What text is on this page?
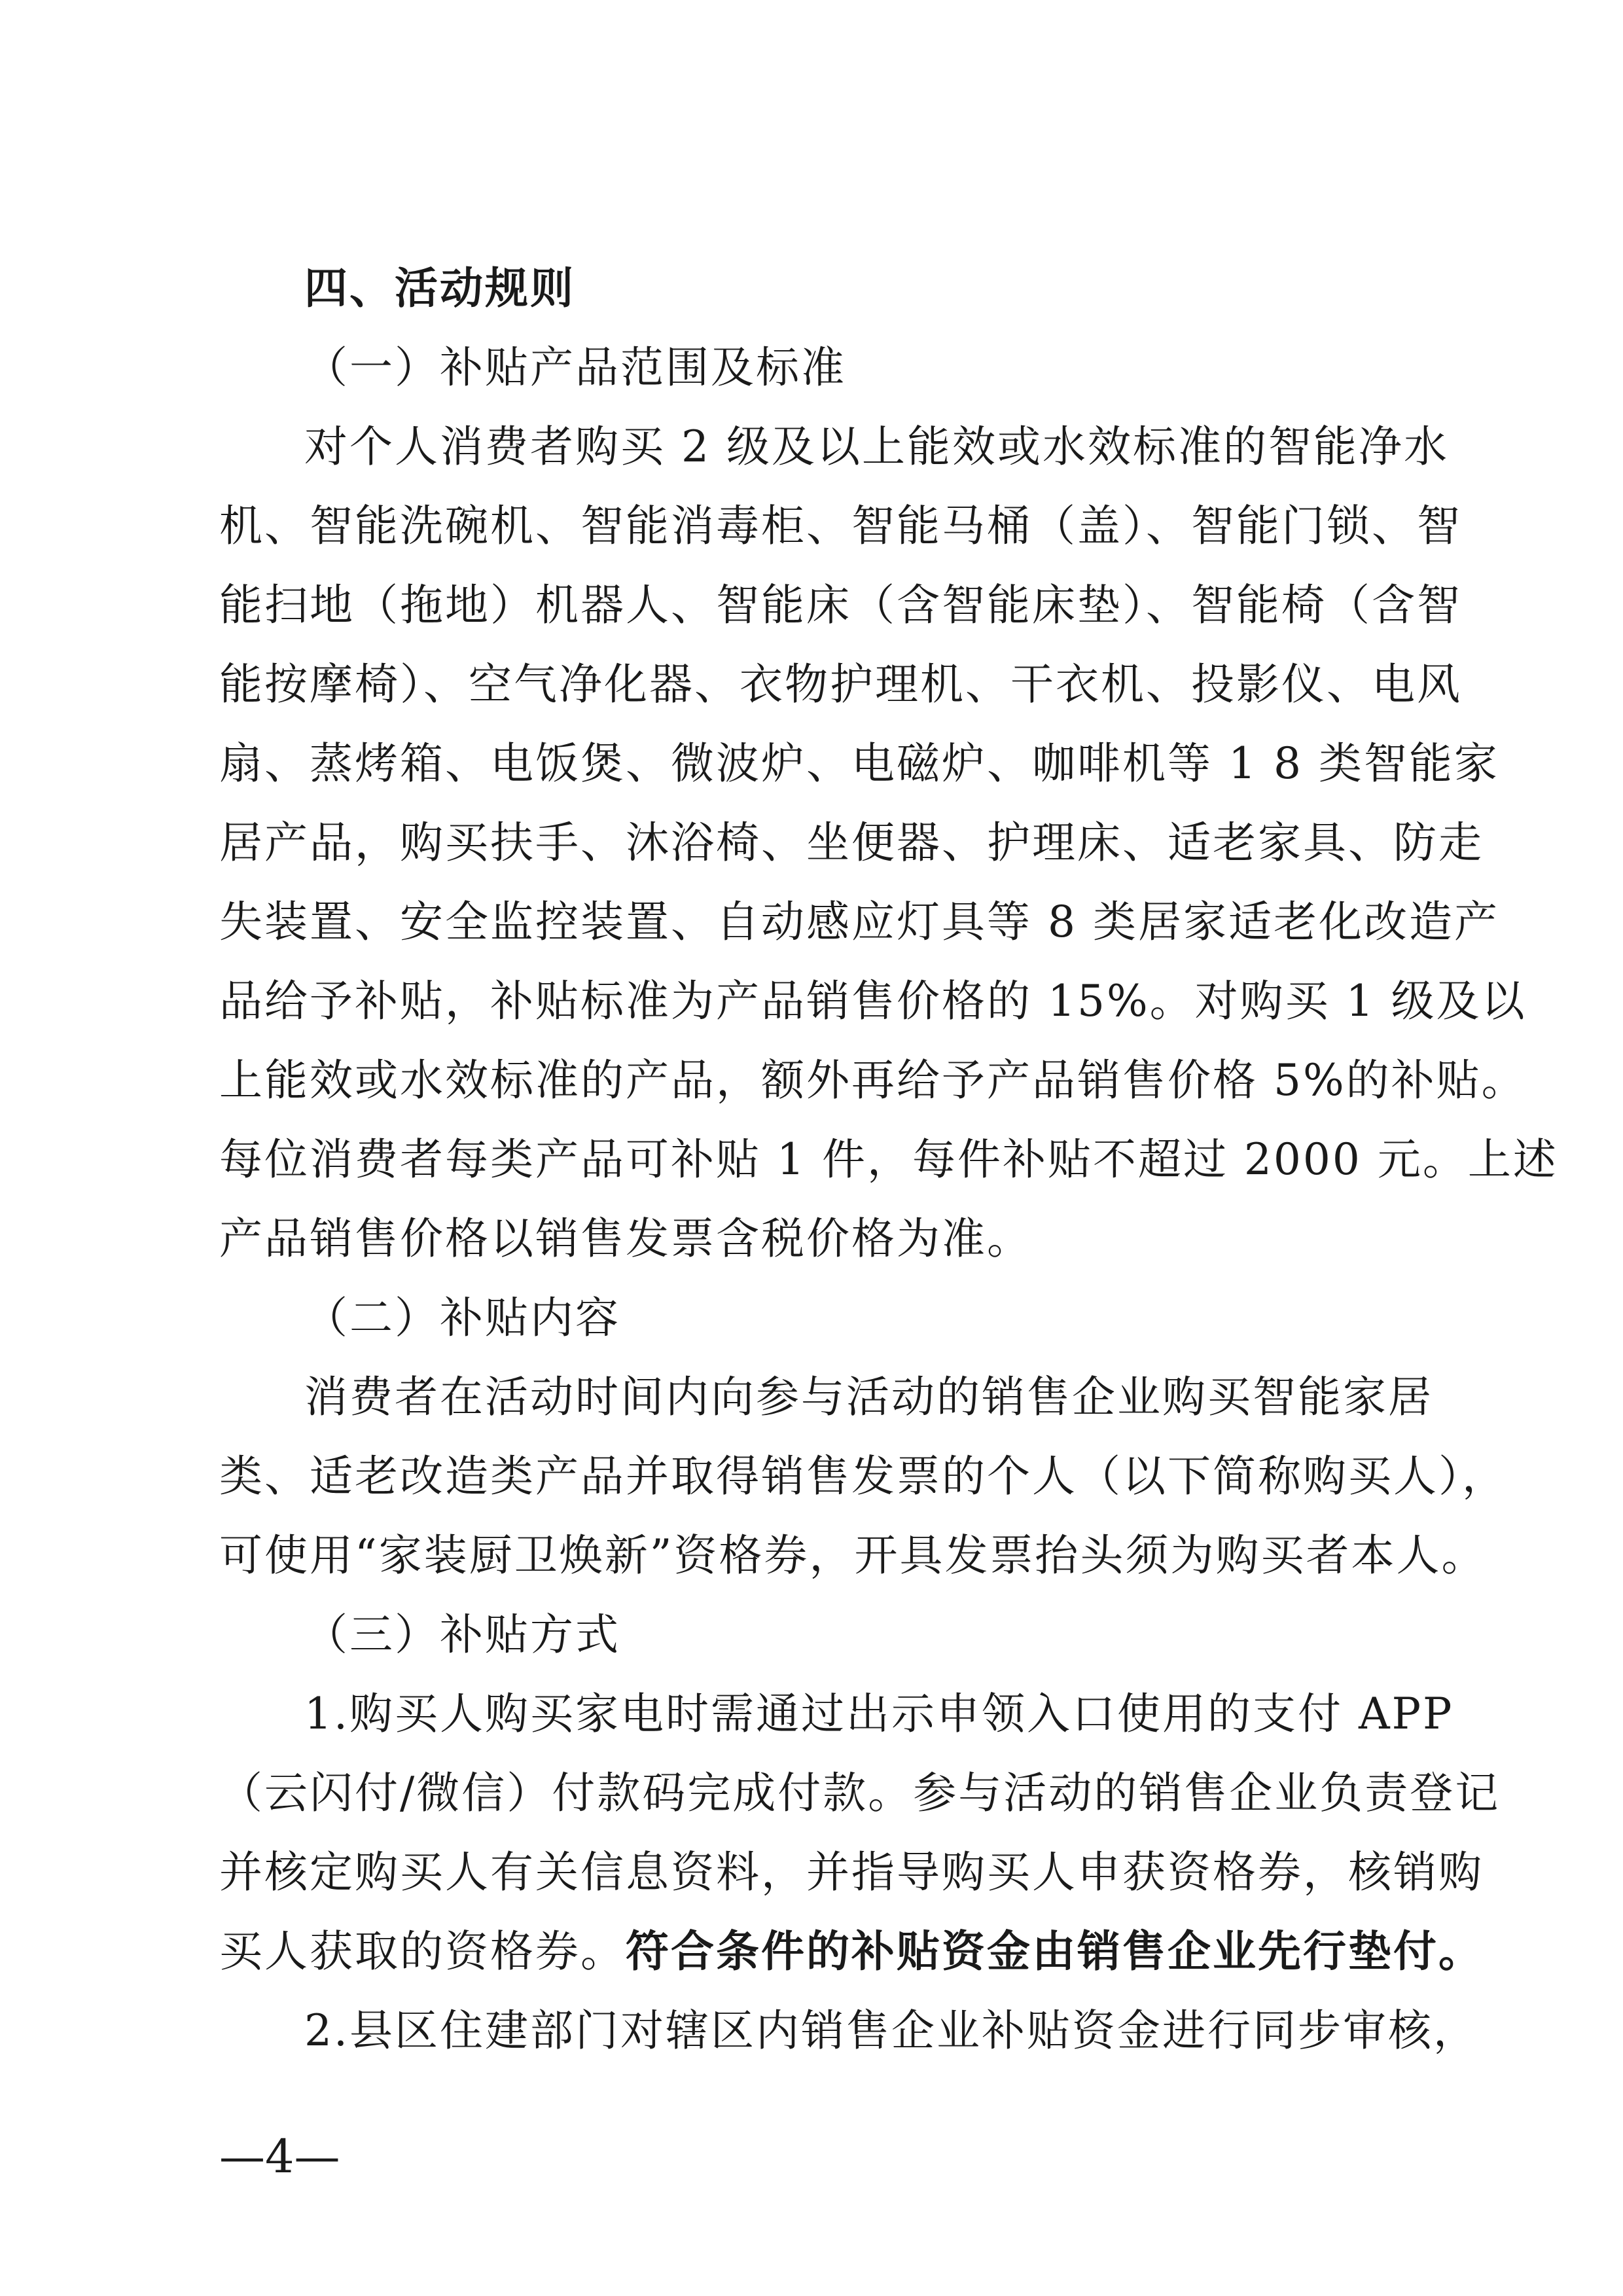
四、活动规则
（一）补贴产品范围及标准
对个人消费者购买 2 级及以上能效或水效标准的智能净水
机、智能洗碗机、智能消毒柜、智能马桶（盖）、智能门锁、智
能扫地（拖地）机器人、智能床（含智能床垫）、智能椅（含智
能按摩椅）、空气净化器、衣物护理机、干衣机、投影仪、电风
扇、蒸烤箱、电饭煲、微波炉、电磁炉、咖啡机等 1 8 类智能家
居产品，购买扶手、沐浴椅、坐便器、护理床、适老家具、防走
失装置、安全监控装置、自动感应灯具等 8 类居家适老化改造产
品给予补贴，补贴标准为产品销售价格的 15%。对购买 1 级及以
上能效或水效标准的产品，额外再给予产品销售价格 5%的补贴。
每位消费者每类产品可补贴 1 件，每件补贴不超过 2000 元。上述
产品销售价格以销售发票含税价格为准。
（二）补贴内容
消费者在活动时间内向参与活动的销售企业购买智能家居
类、适老改造类产品并取得销售发票的个人（以下简称购买人），
可使用“家装厨卫焕新”资格券，开具发票抬头须为购买者本人。
（三）补贴方式
1.购买人购买家电时需通过出示申领入口使用的支付 APP
（云闪付/微信）付款码完成付款。参与活动的销售企业负责登记
并核定购买人有关信息资料，并指导购买人申获资格券，核销购
买人获取的资格券。符合条件的补贴资金由销售企业先行垫付。
2.县区住建部门对辖区内销售企业补贴资金进行同步审核，
—4—
